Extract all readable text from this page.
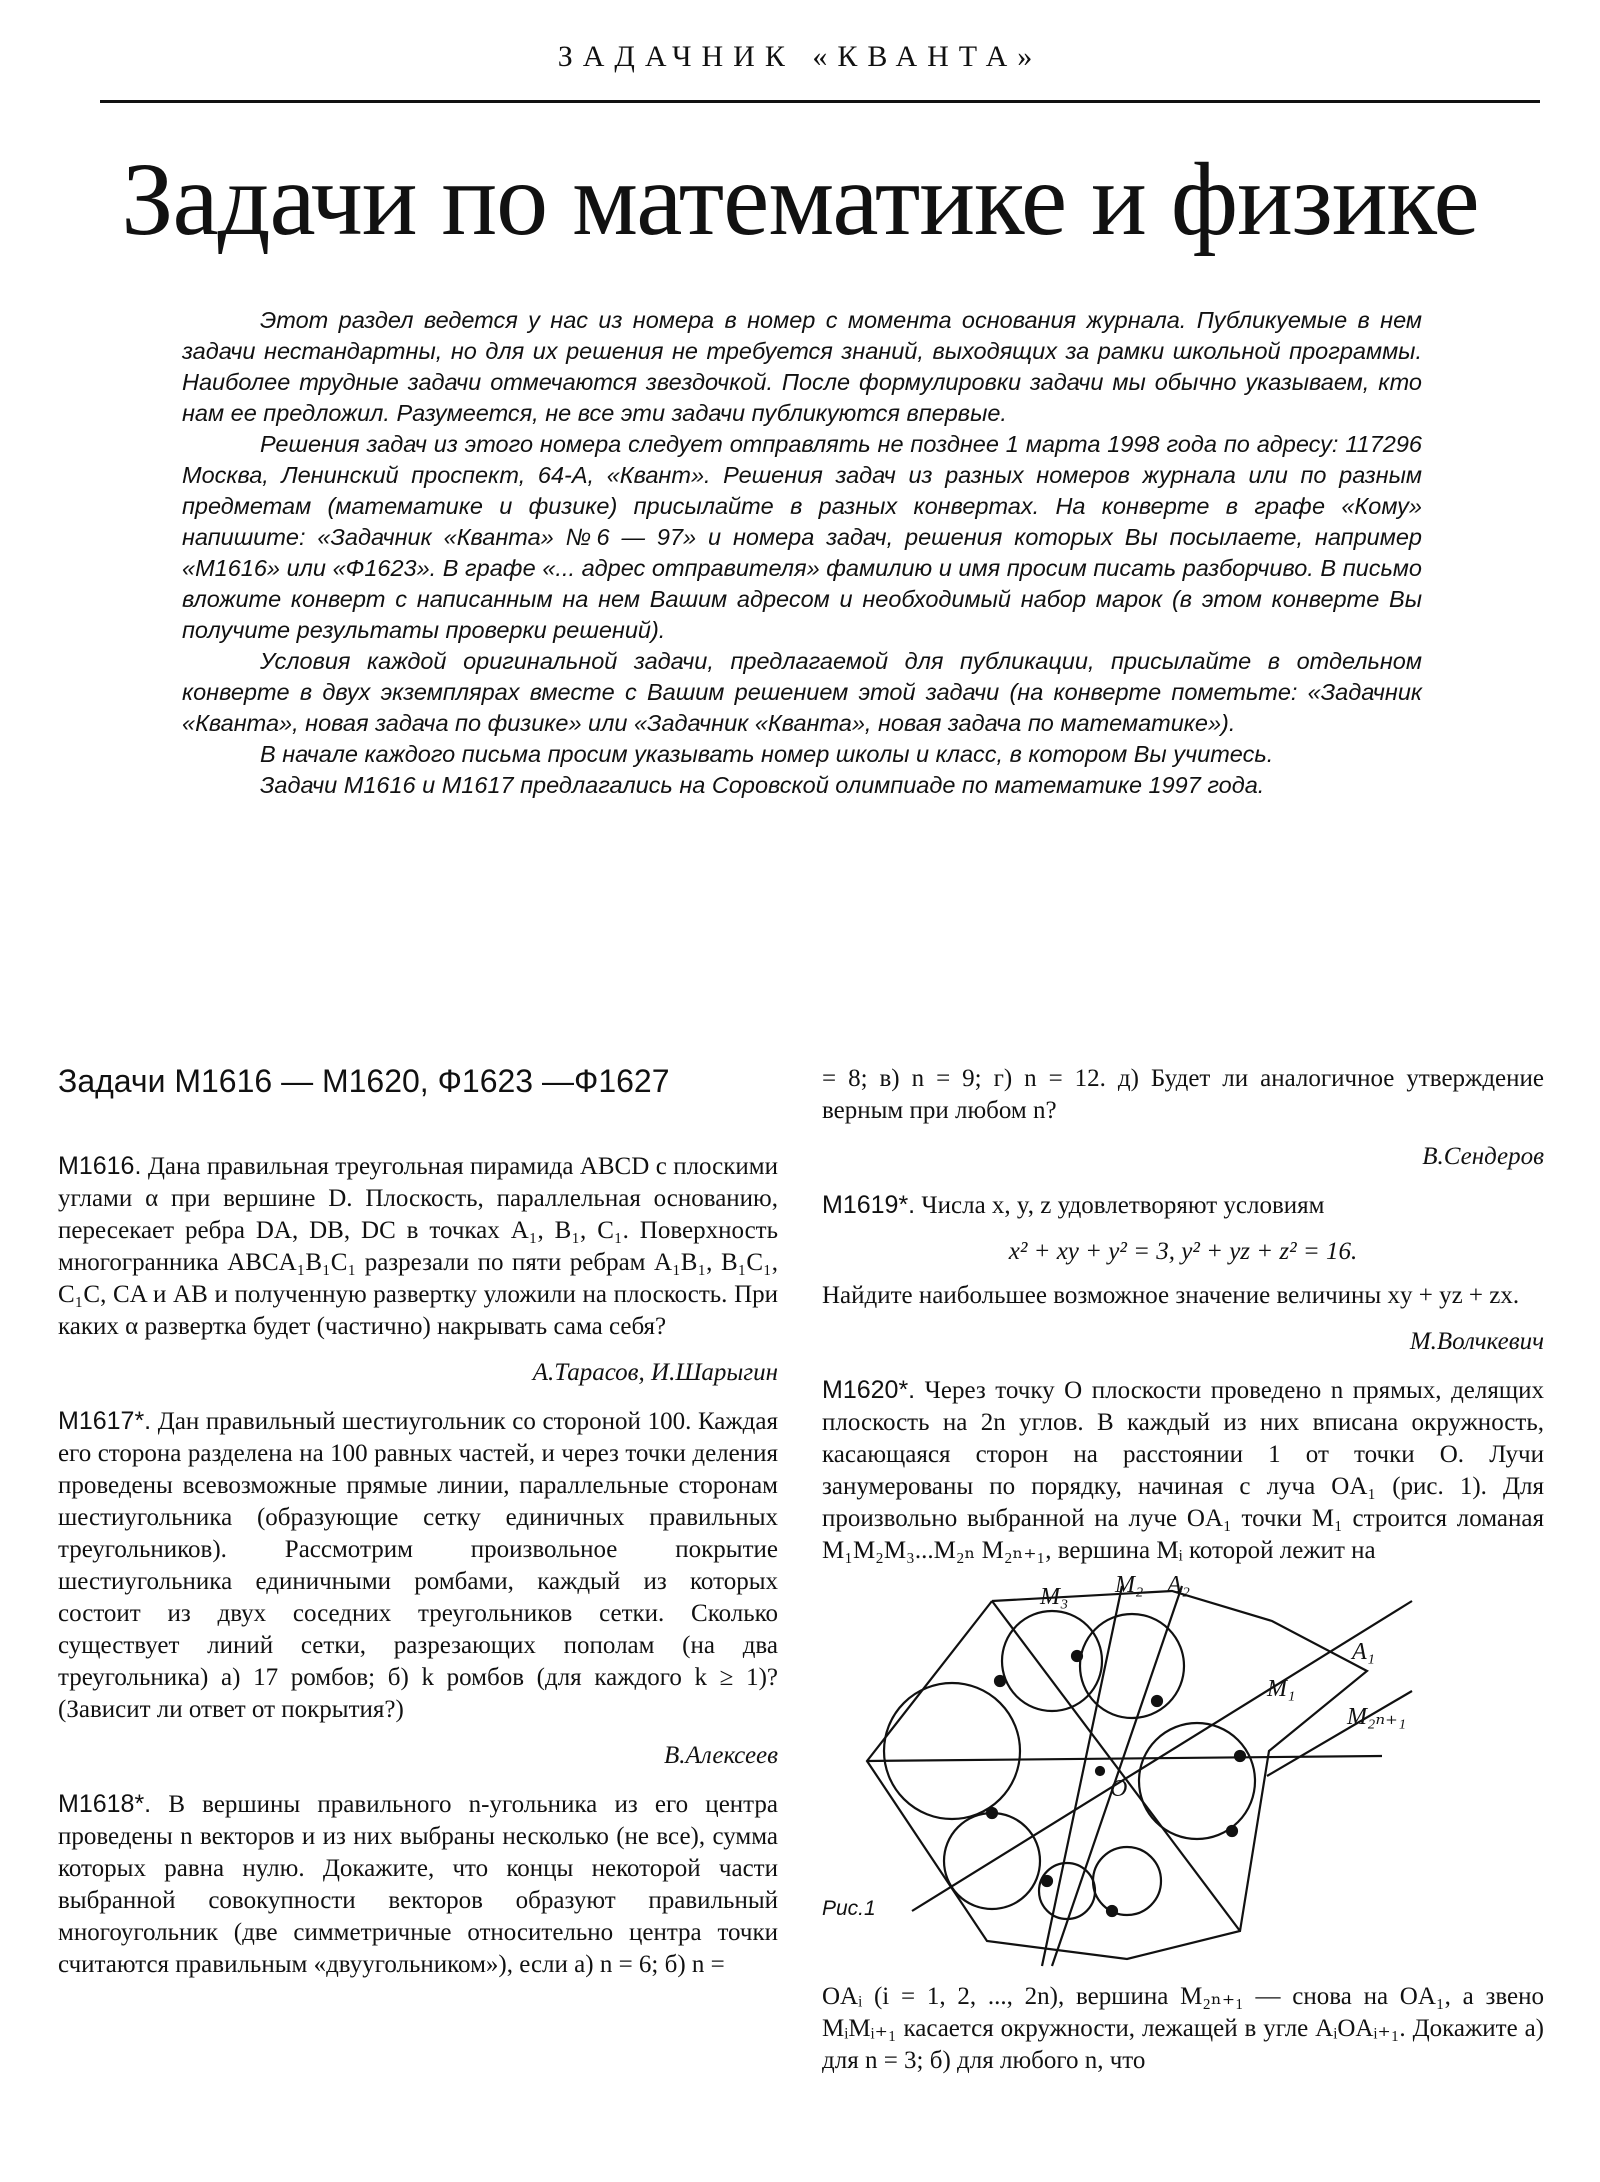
ЗАДАЧНИК «КВАНТА»
Задачи по математике и физике

Этот раздел ведется у нас из номера в номер с момента основания журнала. Публикуемые в нем задачи нестандартны, но для их решения не требуется знаний, выходящих за рамки школьной программы. Наиболее трудные задачи отмечаются звездочкой. После формулировки задачи мы обычно указываем, кто нам ее предложил. Разумеется, не все эти задачи публикуются впервые.

Решения задач из этого номера следует отправлять не позднее 1 марта 1998 года по адресу: 117296 Москва, Ленинский проспект, 64-А, «Квант». Решения задач из разных номеров журнала или по разным предметам (математике и физике) присылайте в разных конвертах. На конверте в графе «Кому» напишите: «Задачник «Кванта» №6 — 97» и номера задач, решения которых Вы посылаете, например «М1616» или «Ф1623». В графе «... адрес отправителя» фамилию и имя просим писать разборчиво. В письмо вложите конверт с написанным на нем Вашим адресом и необходимый набор марок (в этом конверте Вы получите результаты проверки решений).

Условия каждой оригинальной задачи, предлагаемой для публикации, присылайте в отдельном конверте в двух экземплярах вместе с Вашим решением этой задачи (на конверте пометьте: «Задачник «Кванта», новая задача по физике» или «Задачник «Кванта», новая задача по математике»).

В начале каждого письма просим указывать номер школы и класс, в котором Вы учитесь.

Задачи М1616 и М1617 предлагались на Соровской олимпиаде по математике 1997 года.

Задачи М1616 — М1620, Ф1623 —Ф1627
М1616. Дана правильная треугольная пирамида ABCD с плоскими углами α при вершине D. Плоскость, параллельная основанию, пересекает ребра DA, DB, DC в точках A₁, B₁, C₁. Поверхность многогранника ABCA₁B₁C₁ разрезали по пяти ребрам A₁B₁, B₁C₁, C₁C, CA и AB и полученную развертку уложили на плоскость. При каких α развертка будет (частично) накрывать сама себя?
А.Тарасов, И.Шарыгин
М1617*. Дан правильный шестиугольник со стороной 100. Каждая его сторона разделена на 100 равных частей, и через точки деления проведены всевозможные прямые линии, параллельные сторонам шестиугольника (образующие сетку единичных правильных треугольников). Рассмотрим произвольное покрытие шестиугольника единичными ромбами, каждый из которых состоит из двух соседних треугольников сетки. Сколько существует линий сетки, разрезающих пополам (на два треугольника) а) 17 ромбов; б) k ромбов (для каждого k ≥ 1)? (Зависит ли ответ от покрытия?)
В.Алексеев
М1618*. В вершины правильного n-угольника из его центра проведены n векторов и из них выбраны несколько (не все), сумма которых равна нулю. Докажите, что концы некоторой части выбранной совокупности векторов образуют правильный многоугольник (две симметричные относительно центра точки считаются правильным «двуугольником»), если а) n = 6; б) n =
= 8; в) n = 9; г) n = 12. д) Будет ли аналогичное утверждение верным при любом n?
В.Сендеров
М1619*. Числа x, y, z удовлетворяют условиям
x² + xy + y² = 3, y² + yz + z² = 16.
Найдите наибольшее возможное значение величины xy + yz + zx.
М.Волчкевич
М1620*. Через точку O плоскости проведено n прямых, делящих плоскость на 2n углов. В каждый из них вписана окружность, касающаяся сторон на расстоянии 1 от точки O. Лучи занумерованы по порядку, начиная с луча OA₁ (рис. 1). Для произвольно выбранной на луче OA₁ точки M₁ строится ломаная M₁M₂M₃...M₂ₙ M₂ₙ₊₁, вершина Mᵢ которой лежит на
M₃ M₂ A₂
A₁
M₁
M₂ₙ₊₁
O
Рис.1
OAᵢ (i = 1, 2, ..., 2n), вершина M₂ₙ₊₁ — снова на OA₁, а звено MᵢMᵢ₊₁ касается окружности, лежащей в угле AᵢOAᵢ₊₁. Докажите а) для n = 3; б) для любого n, что
